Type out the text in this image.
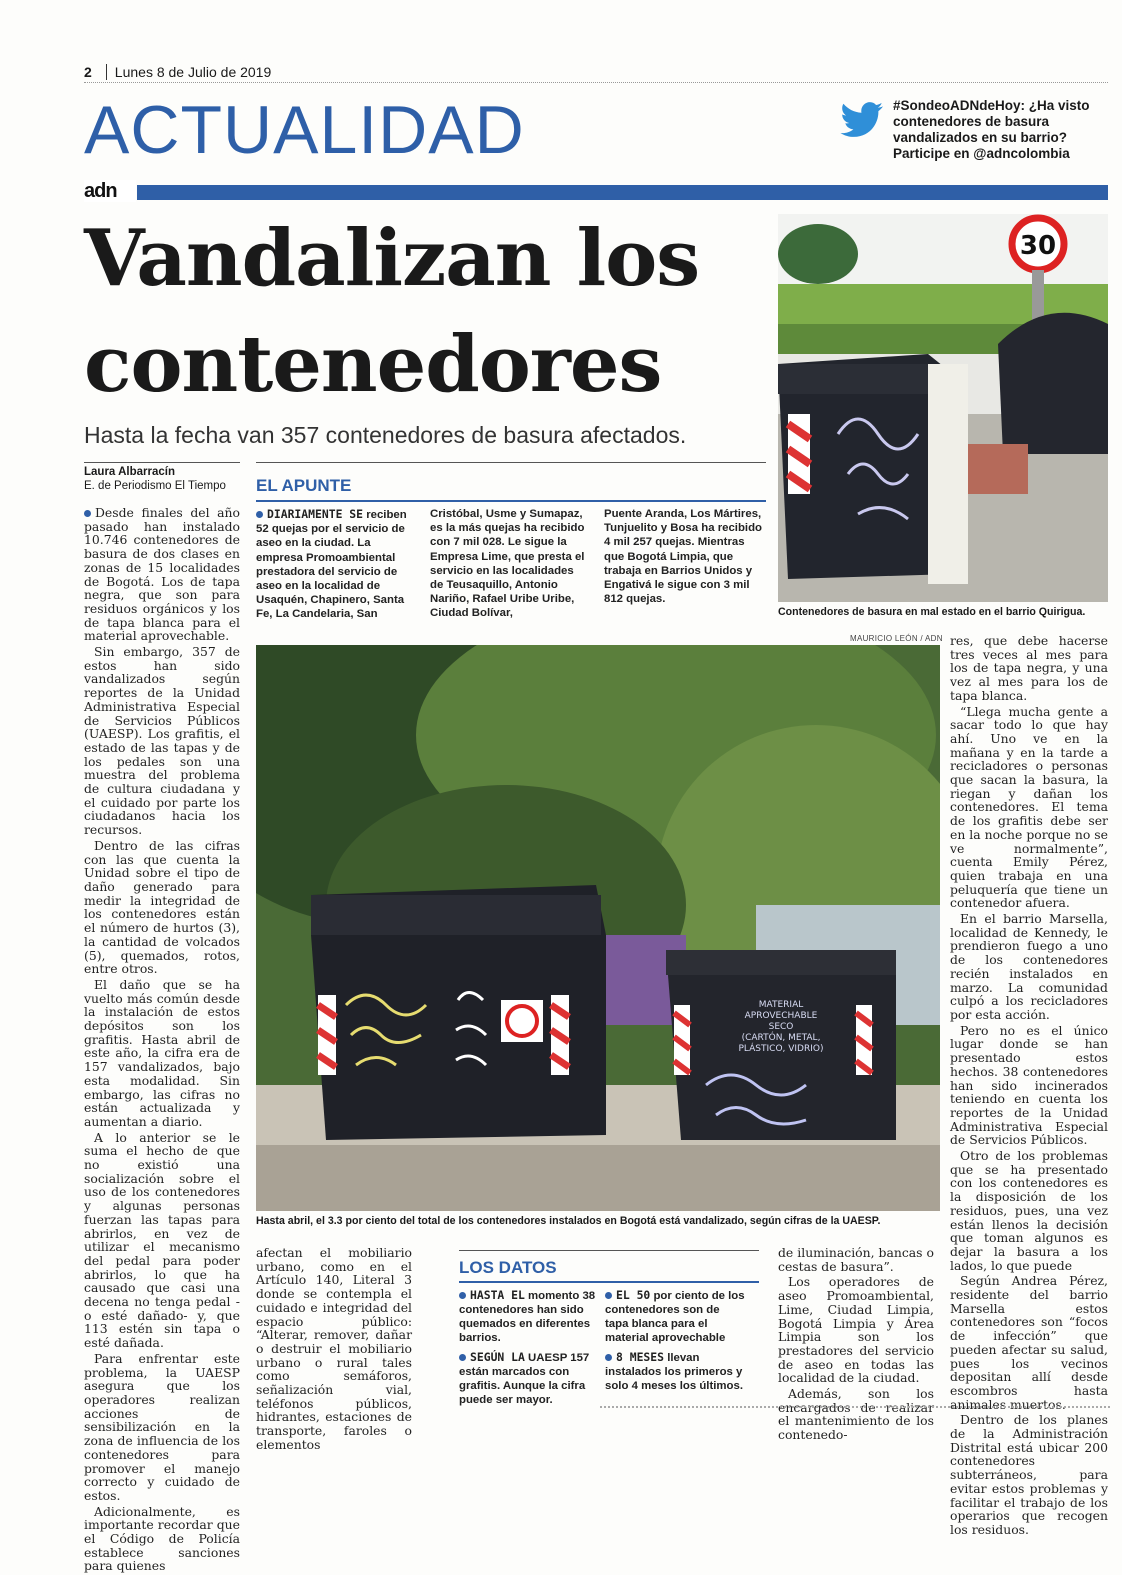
2 Lunes 8 de Julio de 2019
ACTUALIDAD	#SondeoADNdeHoy: ¿Ha visto contenedores de basura vandalizados en su barrio? Participe en @adncolombia
adn
Vandalizan los
contenedores
Hasta la fecha van 357 contenedores de basura afectados.
Laura Albarracín
E. de Periodismo El Tiempo EL APUNTE
DIARIAMENTE SE reciben 52 quejas por el servicio de aseo en la ciudad. La empresa Promoambiental prestadora del servicio de aseo en la localidad de Usaquén, Chapinero, Santa Fe, La Candelaria, San
Cristóbal, Usme y Sumapaz, es la más quejas ha recibido con 7 mil 028. Le sigue la Empresa Lime, que presta el servicio en las localidades de Teusaquillo, Antonio Nariño, Rafael Uribe Uribe, Ciudad Bolívar,
Puente Aranda, Los Mártires, Tunjuelito y Bosa ha recibido 4 mil 257 quejas. Mientras que Bogotá Limpia, que trabaja en Barrios Unidos y Engativá le sigue con 3 mil 812 quejas.

Desde finales del año pasado han instalado 10.746 contenedores de basura de dos clases en zonas de 15 localidades de Bogotá. Los de tapa negra, que son para residuos orgánicos y los de tapa blanca para el material aprovechable.

Sin embargo, 357 de estos han sido vandalizados según reportes de la Unidad Administrativa Especial de Servicios Públicos (UAESP). Los grafitis, el estado de las tapas y de los pedales son una muestra del problema de cultura ciudadana y el cuidado por parte los ciudadanos hacia los recursos.

Dentro de las cifras con las que cuenta la Unidad sobre el tipo de daño generado para medir la integridad de los contenedores están el número de hurtos (3), la cantidad de volcados (5), quemados, rotos, entre otros.

El daño que se ha vuelto más común desde la instalación de estos depósitos son los grafitis. Hasta abril de este año, la cifra era de 157 vandalizados, bajo esta modalidad. Sin embargo, las cifras no están actualizada y aumentan a diario.

A lo anterior se le suma el hecho de que no existió una socialización sobre el uso de los contenedores y algunas personas fuerzan las tapas para abrirlos, en vez de utilizar el mecanismo del pedal para poder abrirlos, lo que ha causado que casi una decena no tenga pedal -o esté dañado- y, que 113 estén sin tapa o esté dañada.

Para enfrentar este problema, la UAESP asegura que los operadores realizan acciones de sensibilización en la zona de influencia de los contenedores para promover el manejo correcto y cuidado de estos.

Adicionalmente, es importante recordar que el Código de Policía establece sanciones para quienes

30
Contenedores de basura en mal estado en el barrio Quirigua.
MAURICIO LEÓN / ADN
MATERIAL APROVECHABLE SECO (CARTÓN, METAL, PLÁSTICO, VIDRIO)
Hasta abril, el 3.3 por ciento del total de los contenedores instalados en Bogotá está vandalizado, según cifras de la UAESP.

afectan el mobiliario urbano, como en el Artículo 140, Literal 3 donde se contempla el cuidado e integridad del espacio público: “Alterar, remover, dañar o destruir el mobiliario urbano o rural tales como semáforos, señalización vial, teléfonos públicos, hidrantes, estaciones de transporte, faroles o elementos

LOS DATOS
HASTA EL momento 38 contenedores han sido quemados en diferentes barrios.
SEGÚN LA UAESP 157 están marcados con grafitis. Aunque la cifra puede ser mayor.
EL 50 por ciento de los contenedores son de tapa blanca para el material aprovechable
8 MESES llevan instalados los primeros y solo 4 meses los últimos.

de iluminación, bancas o cestas de basura”.

Los operadores de aseo Promoambiental, Lime, Ciudad Limpia, Bogotá Limpia y Área Limpia son los prestadores del servicio de aseo en todas las localidad de la ciudad.

Además, son los encargados de realizar el mantenimiento de los contenedo-

res, que debe hacerse tres veces al mes para los de tapa negra, y una vez al mes para los de tapa blanca.

“Llega mucha gente a sacar todo lo que hay ahí. Uno ve en la mañana y en la tarde a recicladores o personas que sacan la basura, la riegan y dañan los contenedores. El tema de los grafitis debe ser en la noche porque no se ve normalmente”, cuenta Emily Pérez, quien trabaja en una peluquería que tiene un contenedor afuera.

En el barrio Marsella, localidad de Kennedy, le prendieron fuego a uno de los contenedores recién instalados en marzo. La comunidad culpó a los recicladores por esta acción.

Pero no es el único lugar donde se han presentado estos hechos. 38 contenedores han sido incinerados teniendo en cuenta los reportes de la Unidad Administrativa Especial de Servicios Públicos.

Otro de los problemas que se ha presentado con los contenedores es la disposición de los residuos, pues, una vez están llenos la decisión que toman algunos es dejar la basura a los lados, lo que puede

Según Andrea Pérez, residente del barrio Marsella estos contenedores son “focos de infección” que pueden afectar su salud, pues los vecinos depositan allí desde escombros hasta animales muertos.

Dentro de los planes de la Administración Distrital está ubicar 200 contenedores subterráneos, para evitar estos problemas y facilitar el trabajo de los operarios que recogen los residuos.
